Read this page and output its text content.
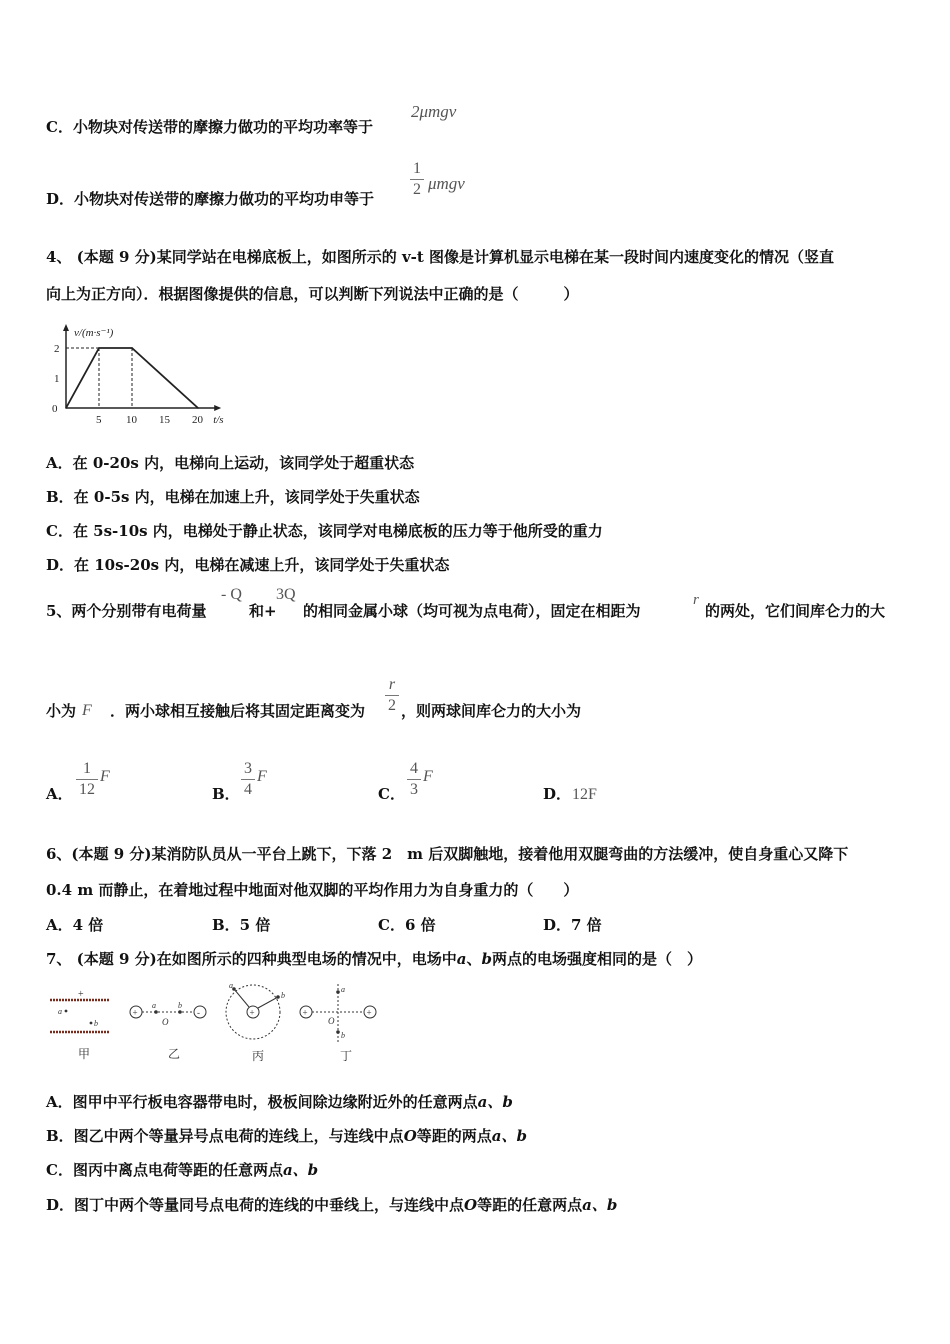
C．小物块对传送带的摩擦力做功的平均功率等于
2μmgv
D．小物块对传送带的摩擦力做功的平均功申等于
1
2 μmgv
4、 (本题 9 分)某同学站在电梯底板上，如图所示的 v-t 图像是计算机显示电梯在某一段时间内速度变化的情况（竖直
向上为正方向）．根据图像提供的信息，可以判断下列说法中正确的是（　　　）
v/(m·s⁻¹)
t/s
0
5 10 15 20
1
2
A．在 0-20s 内，电梯向上运动，该同学处于超重状态
B．在 0-5s 内，电梯在加速上升，该同学处于失重状态
C．在 5s-10s 内，电梯处于静止状态，该同学对电梯底板的压力等于他所受的重力
D．在 10s-20s 内，电梯在减速上升，该同学处于失重状态
5、两个分别带有电荷量
- Q
和+
3Q
的相同金属小球（均可视为点电荷），固定在相距为
r
的两处，它们间库仑力的大
小为 F ．两小球相互接触后将其固定距离变为
r
2 ，则两球间库仑力的大小为
A．
1
12
F
B．
3
4
F
C．
4
3
F
D． 12F
6、(本题 9 分)某消防队员从一平台上跳下，下落 2　m 后双脚触地，接着他用双腿弯曲的方法缓冲，使自身重心又降下
0.4 m 而静止，在着地过程中地面对他双脚的平均作用力为自身重力的（　　）
A．4 倍	B．5 倍	C．6 倍	D．7 倍
7、 (本题 9 分)在如图所示的四种典型电场的情况中，电场中a、b两点的电场强度相同的是（　）
+
a
b
甲
+	-
a	b
O
乙
+
a
b
丙
+	+
a
b
O
丁
A．图甲中平行板电容器带电时，极板间除边缘附近外的任意两点a、b
B．图乙中两个等量异号点电荷的连线上，与连线中点O等距的两点a、b
C．图丙中离点电荷等距的任意两点a、b
D．图丁中两个等量同号点电荷的连线的中垂线上，与连线中点O等距的任意两点a、b
